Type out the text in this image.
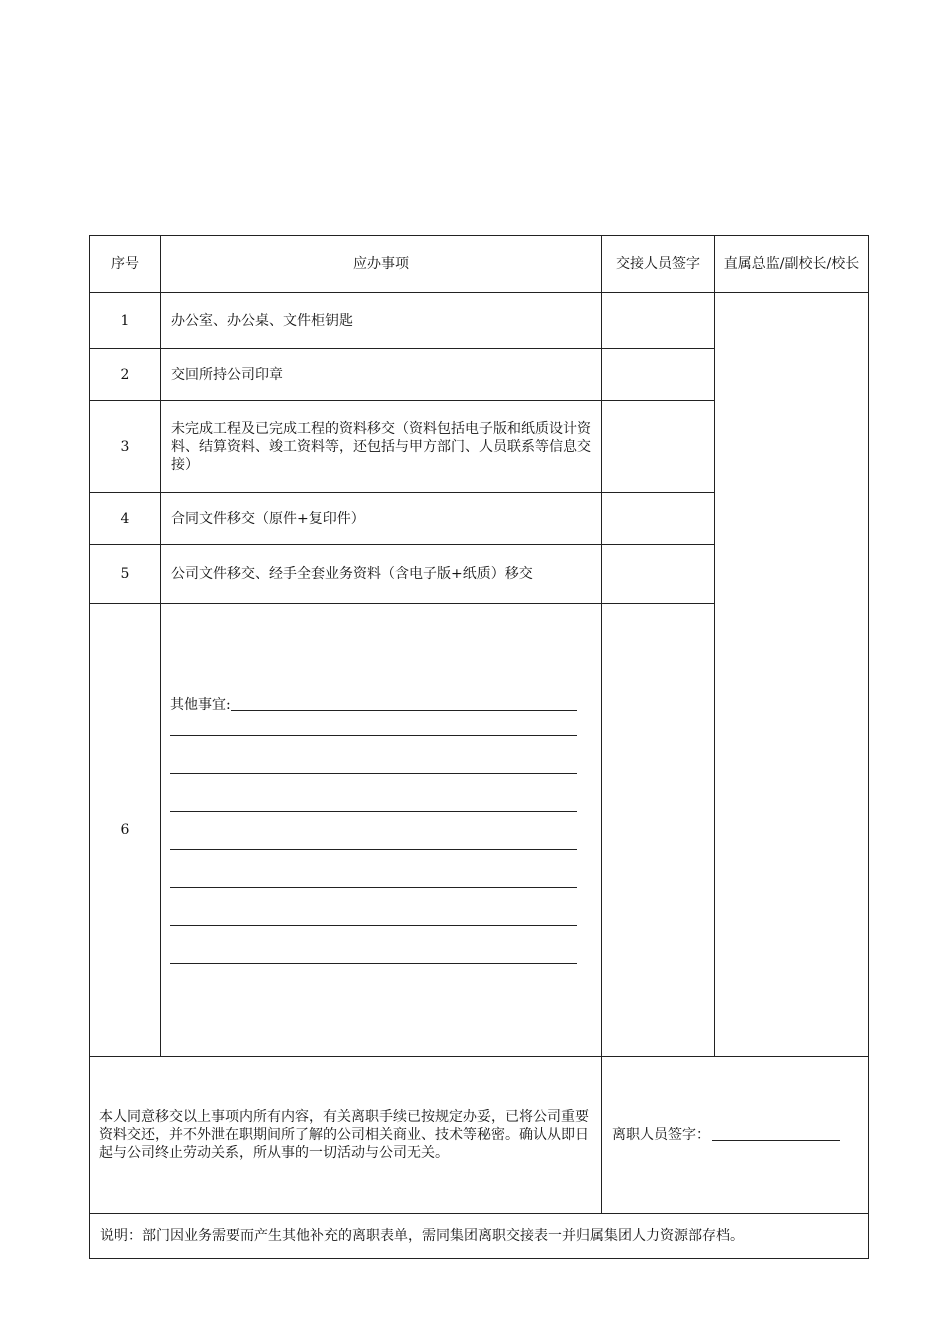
序号	应办事项	交接人员签字	直属总监/副校长/校长
1	办公室、办公桌、文件柜钥匙		
2	交回所持公司印章		
3	未完成工程及已完成工程的资料移交（资料包括电子版和纸质设计资料、结算资料、竣工资料等，还包括与甲方部门、人员联系等信息交接）		
4	合同文件移交（原件+复印件）		
5	公司文件移交、经手全套业务资料（含电子版+纸质）移交		
6	其他事宜:		

本人同意移交以上事项内所有内容，有关离职手续已按规定办妥，已将公司重要资料交还，并不外泄在职期间所了解的公司相关商业、技术等秘密。确认从即日起与公司终止劳动关系，所从事的一切活动与公司无关。		离职人员签字：	

说明：部门因业务需要而产生其他补充的离职表单，需同集团离职交接表一并归属集团人力资源部存档。			
